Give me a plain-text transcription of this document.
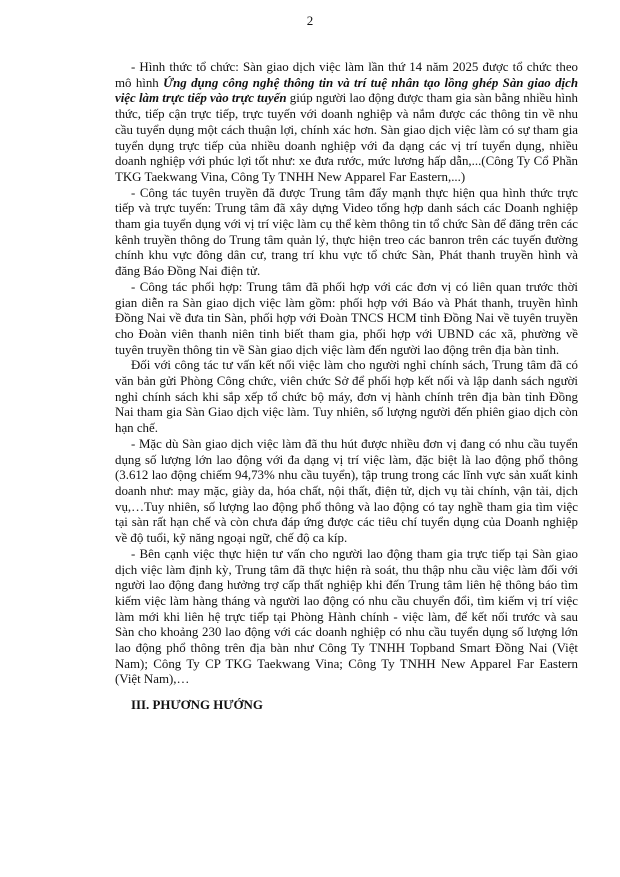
2

- Hình thức tổ chức: Sàn giao dịch việc làm lần thứ 14 năm 2025 được tổ chức theo mô hình Ứng dụng công nghệ thông tin và trí tuệ nhân tạo lồng ghép Sàn giao dịch việc làm trực tiếp vào trực tuyến giúp người lao động được tham gia sàn bằng nhiều hình thức, tiếp cận trực tiếp, trực tuyến với doanh nghiệp và nắm được các thông tin về nhu cầu tuyển dụng một cách thuận lợi, chính xác hơn. Sàn giao dịch việc làm có sự tham gia tuyển dụng trực tiếp của nhiều doanh nghiệp với đa dạng các vị trí tuyển dụng, nhiều doanh nghiệp với phúc lợi tốt như: xe đưa rước, mức lương hấp dẫn,...(Công Ty Cổ Phần TKG Taekwang Vina, Công Ty TNHH New Apparel Far Eastern,...)

- Công tác tuyên truyền đã được Trung tâm đẩy mạnh thực hiện qua hình thức trực tiếp và trực tuyến: Trung tâm đã xây dựng Video tổng hợp danh sách các Doanh nghiệp tham gia tuyển dụng với vị trí việc làm cụ thể kèm thông tin tổ chức Sàn để đăng trên các kênh truyền thông do Trung tâm quản lý, thực hiện treo các banron trên các tuyến đường chính khu vực đông dân cư, trang trí khu vực tổ chức Sàn, Phát thanh truyền hình và đăng Báo Đồng Nai điện tử.

- Công tác phối hợp: Trung tâm đã phối hợp với các đơn vị có liên quan trước thời gian diễn ra Sàn giao dịch việc làm gồm: phối hợp với Báo và Phát thanh, truyền hình Đồng Nai về đưa tin Sàn, phối hợp với Đoàn TNCS HCM tỉnh Đồng Nai về tuyên truyền cho Đoàn viên thanh niên tinh biết tham gia, phối hợp với UBND các xã, phường về tuyên truyền thông tin về Sàn giao dịch việc làm đến người lao động trên địa bàn tỉnh.

Đối với công tác tư vấn kết nối việc làm cho người nghỉ chính sách, Trung tâm đã có văn bản gửi Phòng Công chức, viên chức Sở để phối hợp kết nối và lập danh sách người nghỉ chính sách khi sắp xếp tổ chức bộ máy, đơn vị hành chính trên địa bàn tỉnh Đồng Nai tham gia Sàn Giao dịch việc làm. Tuy nhiên, số lượng người đến phiên giao dịch còn hạn chế.

- Mặc dù Sàn giao dịch việc làm đã thu hút được nhiều đơn vị đang có nhu cầu tuyển dụng số lượng lớn lao động với đa dạng vị trí việc làm, đặc biệt là lao động phổ thông (3.612 lao động chiếm 94,73% nhu cầu tuyển), tập trung trong các lĩnh vực sản xuất kinh doanh như: may mặc, giày da, hóa chất, nội thất, điện tử, dịch vụ tài chính, vận tải, dịch vụ,…Tuy nhiên, số lượng lao động phổ thông và lao động có tay nghề tham gia tìm việc tại sàn rất hạn chế và còn chưa đáp ứng được các tiêu chí tuyển dụng của Doanh nghiệp về độ tuổi, kỹ năng ngoại ngữ, chế độ ca kíp.

- Bên cạnh việc thực hiện tư vấn cho người lao động tham gia trực tiếp tại Sàn giao dịch việc làm định kỳ, Trung tâm đã thực hiện rà soát, thu thập nhu cầu việc làm đối với người lao động đang hưởng trợ cấp thất nghiệp khi đến Trung tâm liên hệ thông báo tìm kiếm việc làm hàng tháng và người lao động có nhu cầu chuyển đổi, tìm kiếm vị trí việc làm mới khi liên hệ trực tiếp tại Phòng Hành chính - việc làm, để kết nối trước và sau Sàn cho khoảng 230 lao động với các doanh nghiệp có nhu cầu tuyển dụng số lượng lớn lao động phổ thông trên địa bàn như Công Ty TNHH Topband Smart Đồng Nai (Việt Nam); Công Ty CP TKG Taekwang Vina; Công Ty TNHH New Apparel Far Eastern (Việt Nam),…

III. PHƯƠNG HƯỚNG
